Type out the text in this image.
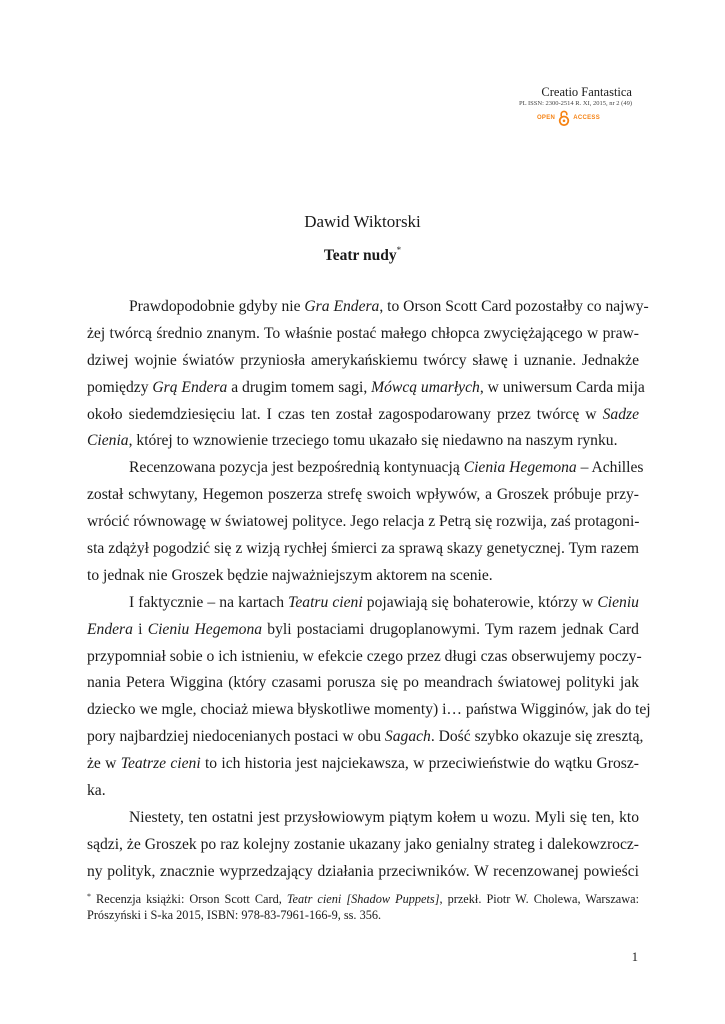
Creatio Fantastica
PL ISSN: 2300-2514 R. XI, 2015, nr 2 (49)
OPEN	ACCESS
Dawid Wiktorski
Teatr nudy*
Prawdopodobnie gdyby nie Gra Endera, to Orson Scott Card pozostałby co najwy-
żej twórcą średnio znanym. To właśnie postać małego chłopca zwyciężającego w praw-
dziwej wojnie światów przyniosła amerykańskiemu twórcy sławę i uznanie. Jednakże
pomiędzy Grą Endera a drugim tomem sagi, Mówcą umarłych, w uniwersum Carda mija
około siedemdziesięciu lat. I czas ten został zagospodarowany przez twórcę w Sadze
Cienia, której to wznowienie trzeciego tomu ukazało się niedawno na naszym rynku.
Recenzowana pozycja jest bezpośrednią kontynuacją Cienia Hegemona – Achilles
został schwytany, Hegemon poszerza strefę swoich wpływów, a Groszek próbuje przy-
wrócić równowagę w światowej polityce. Jego relacja z Petrą się rozwija, zaś protagoni-
sta zdążył pogodzić się z wizją rychłej śmierci za sprawą skazy genetycznej. Tym razem
to jednak nie Groszek będzie najważniejszym aktorem na scenie.
I faktycznie – na kartach Teatru cieni pojawiają się bohaterowie, którzy w Cieniu
Endera i Cieniu Hegemona byli postaciami drugoplanowymi. Tym razem jednak Card
przypomniał sobie o ich istnieniu, w efekcie czego przez długi czas obserwujemy poczy-
nania Petera Wiggina (który czasami porusza się po meandrach światowej polityki jak
dziecko we mgle, chociaż miewa błyskotliwe momenty) i… państwa Wigginów, jak do tej
pory najbardziej niedocenianych postaci w obu Sagach. Dość szybko okazuje się zresztą,
że w Teatrze cieni to ich historia jest najciekawsza, w przeciwieństwie do wątku Grosz-
ka.
Niestety, ten ostatni jest przysłowiowym piątym kołem u wozu. Myli się ten, kto
sądzi, że Groszek po raz kolejny zostanie ukazany jako genialny strateg i dalekowzrocz-
ny polityk, znacznie wyprzedzający działania przeciwników. W recenzowanej powieści
* Recenzja książki: Orson Scott Card, Teatr cieni [Shadow Puppets], przekł. Piotr W. Cholewa, Warszawa:
Prószyński i S-ka 2015, ISBN: 978-83-7961-166-9, ss. 356.
1
